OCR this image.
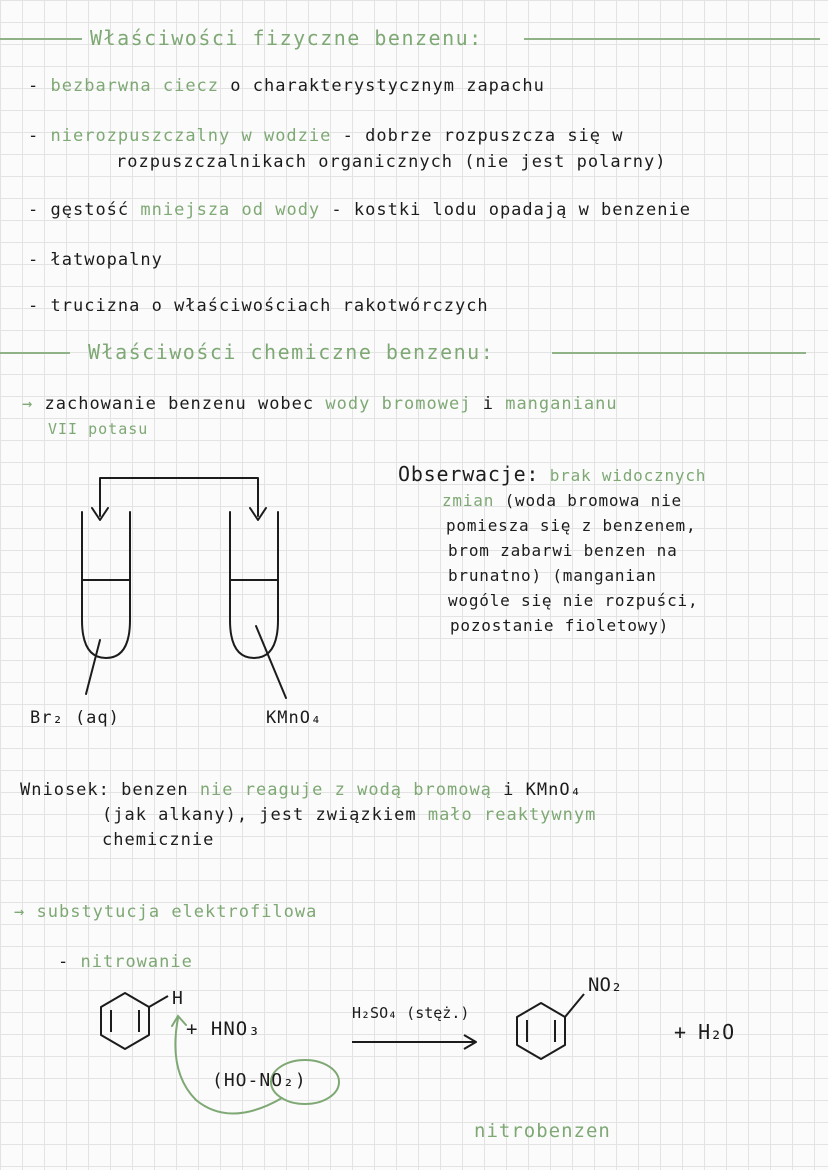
Właściwości fizyczne benzenu:
- bezbarwna ciecz o charakterystycznym zapachu
- nierozpuszczalny w wodzie - dobrze rozpuszcza się w
rozpuszczalnikach organicznych (nie jest polarny)
- gęstość mniejsza od wody - kostki lodu opadają w benzenie
- łatwopalny
- trucizna o właściwościach rakotwórczych
Właściwości chemiczne benzenu:
→ zachowanie benzenu wobec wody bromowej i manganianu
VII potasu
Br₂ (aq)	KMnO₄
Obserwacje: brak widocznych
zmian (woda bromowa nie
pomiesza się z benzenem,
brom zabarwi benzen na
brunatno) (manganian
wogóle się nie rozpuści,
pozostanie fioletowy)
Wniosek: benzen nie reaguje z wodą bromową i KMnO₄
(jak alkany), jest związkiem mało reaktywnym
chemicznie
→ substytucja elektrofilowa
- nitrowanie
H
+ HNO₃
(HO-NO₂)
H₂SO₄ (stęż.)
NO₂
+ H₂O
nitrobenzen
